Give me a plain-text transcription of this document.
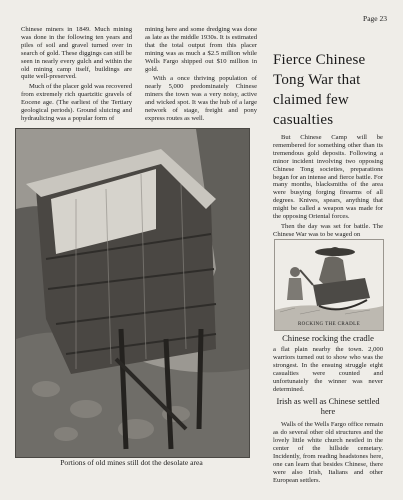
Page 23

Chinese miners in 1849. Much mining was done in the following ten years and piles of soil and gravel turned over in search of gold. These diggings can still be seen in nearly every gulch and within the old mining camp itself, buildings are quite well-preserved.

Much of the placer gold was recovered from extremely rich quartzitic gravels of Eocene age. (The earliest of the Tertiary geological periods). Ground sluicing and hydraulicing was a popular form of

mining here and some dredging was done as late as the middle 1930s. It is estimated that the total output from this placer mining was as much a $2.5 million while Wells Fargo shipped out $10 million in gold.

With a once thriving population of nearly 5,000 predominately Chinese miners the town was a very noisy, active and wicked spot. It was the hub of a large network of stage, freight and pony express routes as well.

Fierce Chinese Tong War that claimed few casualties

But Chinese Camp will be remembered for something other than its tremendous gold deposits. Following a minor incident involving two opposing Chinese Tong societies, preparations began for an intense and fierce battle. For many months, blacksmiths of the area were busying forging firearms of all degrees. Knives, spears, anything that might be called a weapon was made for the opposing Oriental forces.

Then the day was set for battle. The Chinese War was to be waged on

Portions of old mines still dot the desolate area
ROCKING THE CRADLE
Chinese rocking the cradle

a flat plain nearby the town. 2,000 warriors turned out to show who was the strongest. In the ensuing struggle eight casualties were counted and unfortunately the winner was never determined.

Irish as well as Chinese settled here

Walls of the Wells Fargo office remain as do several other old structures and the lovely little white church nestled in the center of the hillside cemetary. Incidently, from reading headstones here, one can learn that besides Chinese, there were also Irish, Italians and other European settlers.
